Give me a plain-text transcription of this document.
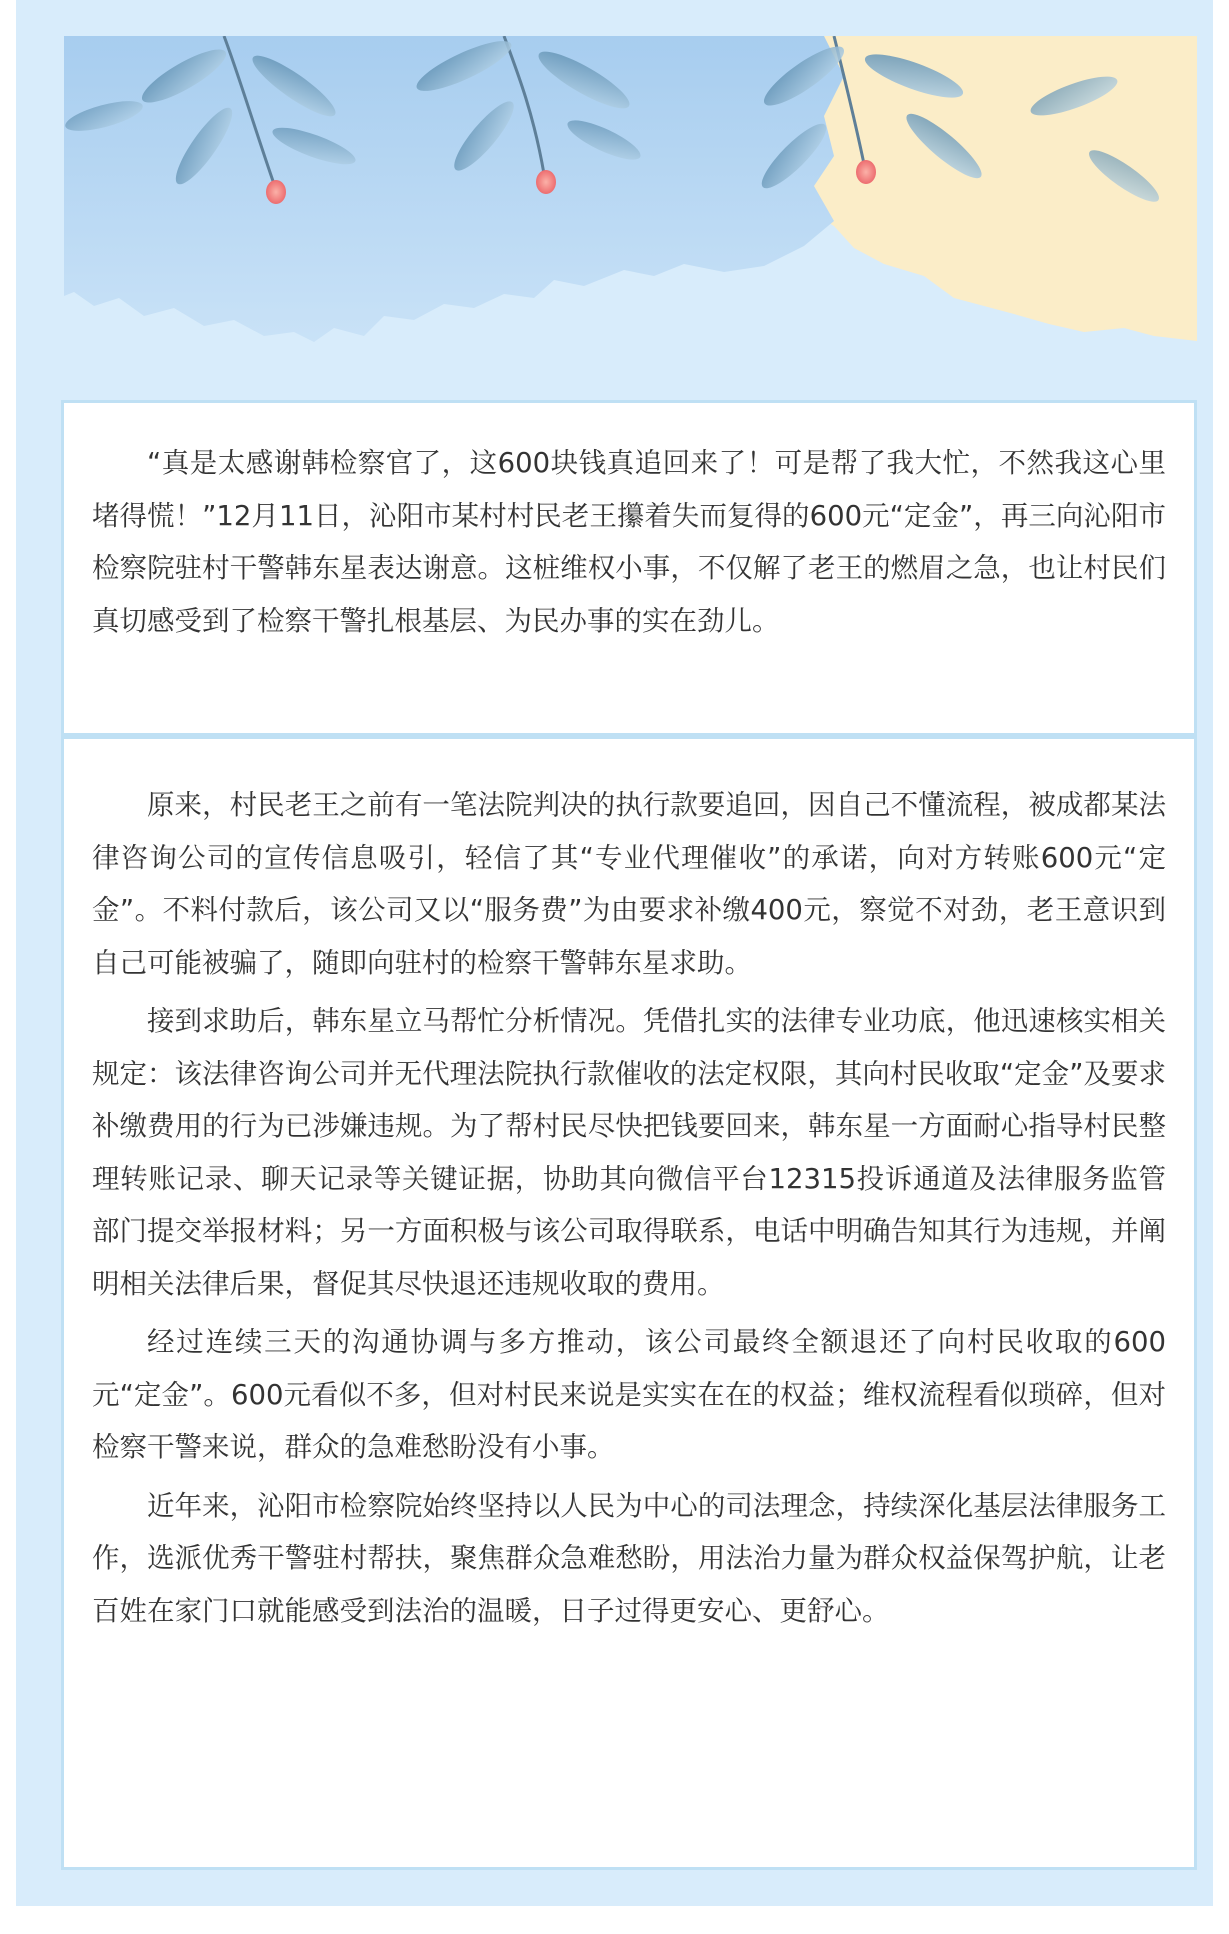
“真是太感谢韩检察官了，这600块钱真追回来了！可是帮了我大忙，不然我这心里堵得慌！”12月11日，沁阳市某村村民老王攥着失而复得的600元“定金”，再三向沁阳市检察院驻村干警韩东星表达谢意。这桩维权小事，不仅解了老王的燃眉之急，也让村民们真切感受到了检察干警扎根基层、为民办事的实在劲儿。

原来，村民老王之前有一笔法院判决的执行款要追回，因自己不懂流程，被成都某法律咨询公司的宣传信息吸引，轻信了其“专业代理催收”的承诺，向对方转账600元“定金”。不料付款后，该公司又以“服务费”为由要求补缴400元，察觉不对劲，老王意识到自己可能被骗了，随即向驻村的检察干警韩东星求助。

接到求助后，韩东星立马帮忙分析情况。凭借扎实的法律专业功底，他迅速核实相关规定：该法律咨询公司并无代理法院执行款催收的法定权限，其向村民收取“定金”及要求补缴费用的行为已涉嫌违规。为了帮村民尽快把钱要回来，韩东星一方面耐心指导村民整理转账记录、聊天记录等关键证据，协助其向微信平台12315投诉通道及法律服务监管部门提交举报材料；另一方面积极与该公司取得联系，电话中明确告知其行为违规，并阐明相关法律后果，督促其尽快退还违规收取的费用。

经过连续三天的沟通协调与多方推动，该公司最终全额退还了向村民收取的600元“定金”。600元看似不多，但对村民来说是实实在在的权益；维权流程看似琐碎，但对检察干警来说，群众的急难愁盼没有小事。

近年来，沁阳市检察院始终坚持以人民为中心的司法理念，持续深化基层法律服务工作，选派优秀干警驻村帮扶，聚焦群众急难愁盼，用法治力量为群众权益保驾护航，让老百姓在家门口就能感受到法治的温暖，日子过得更安心、更舒心。
